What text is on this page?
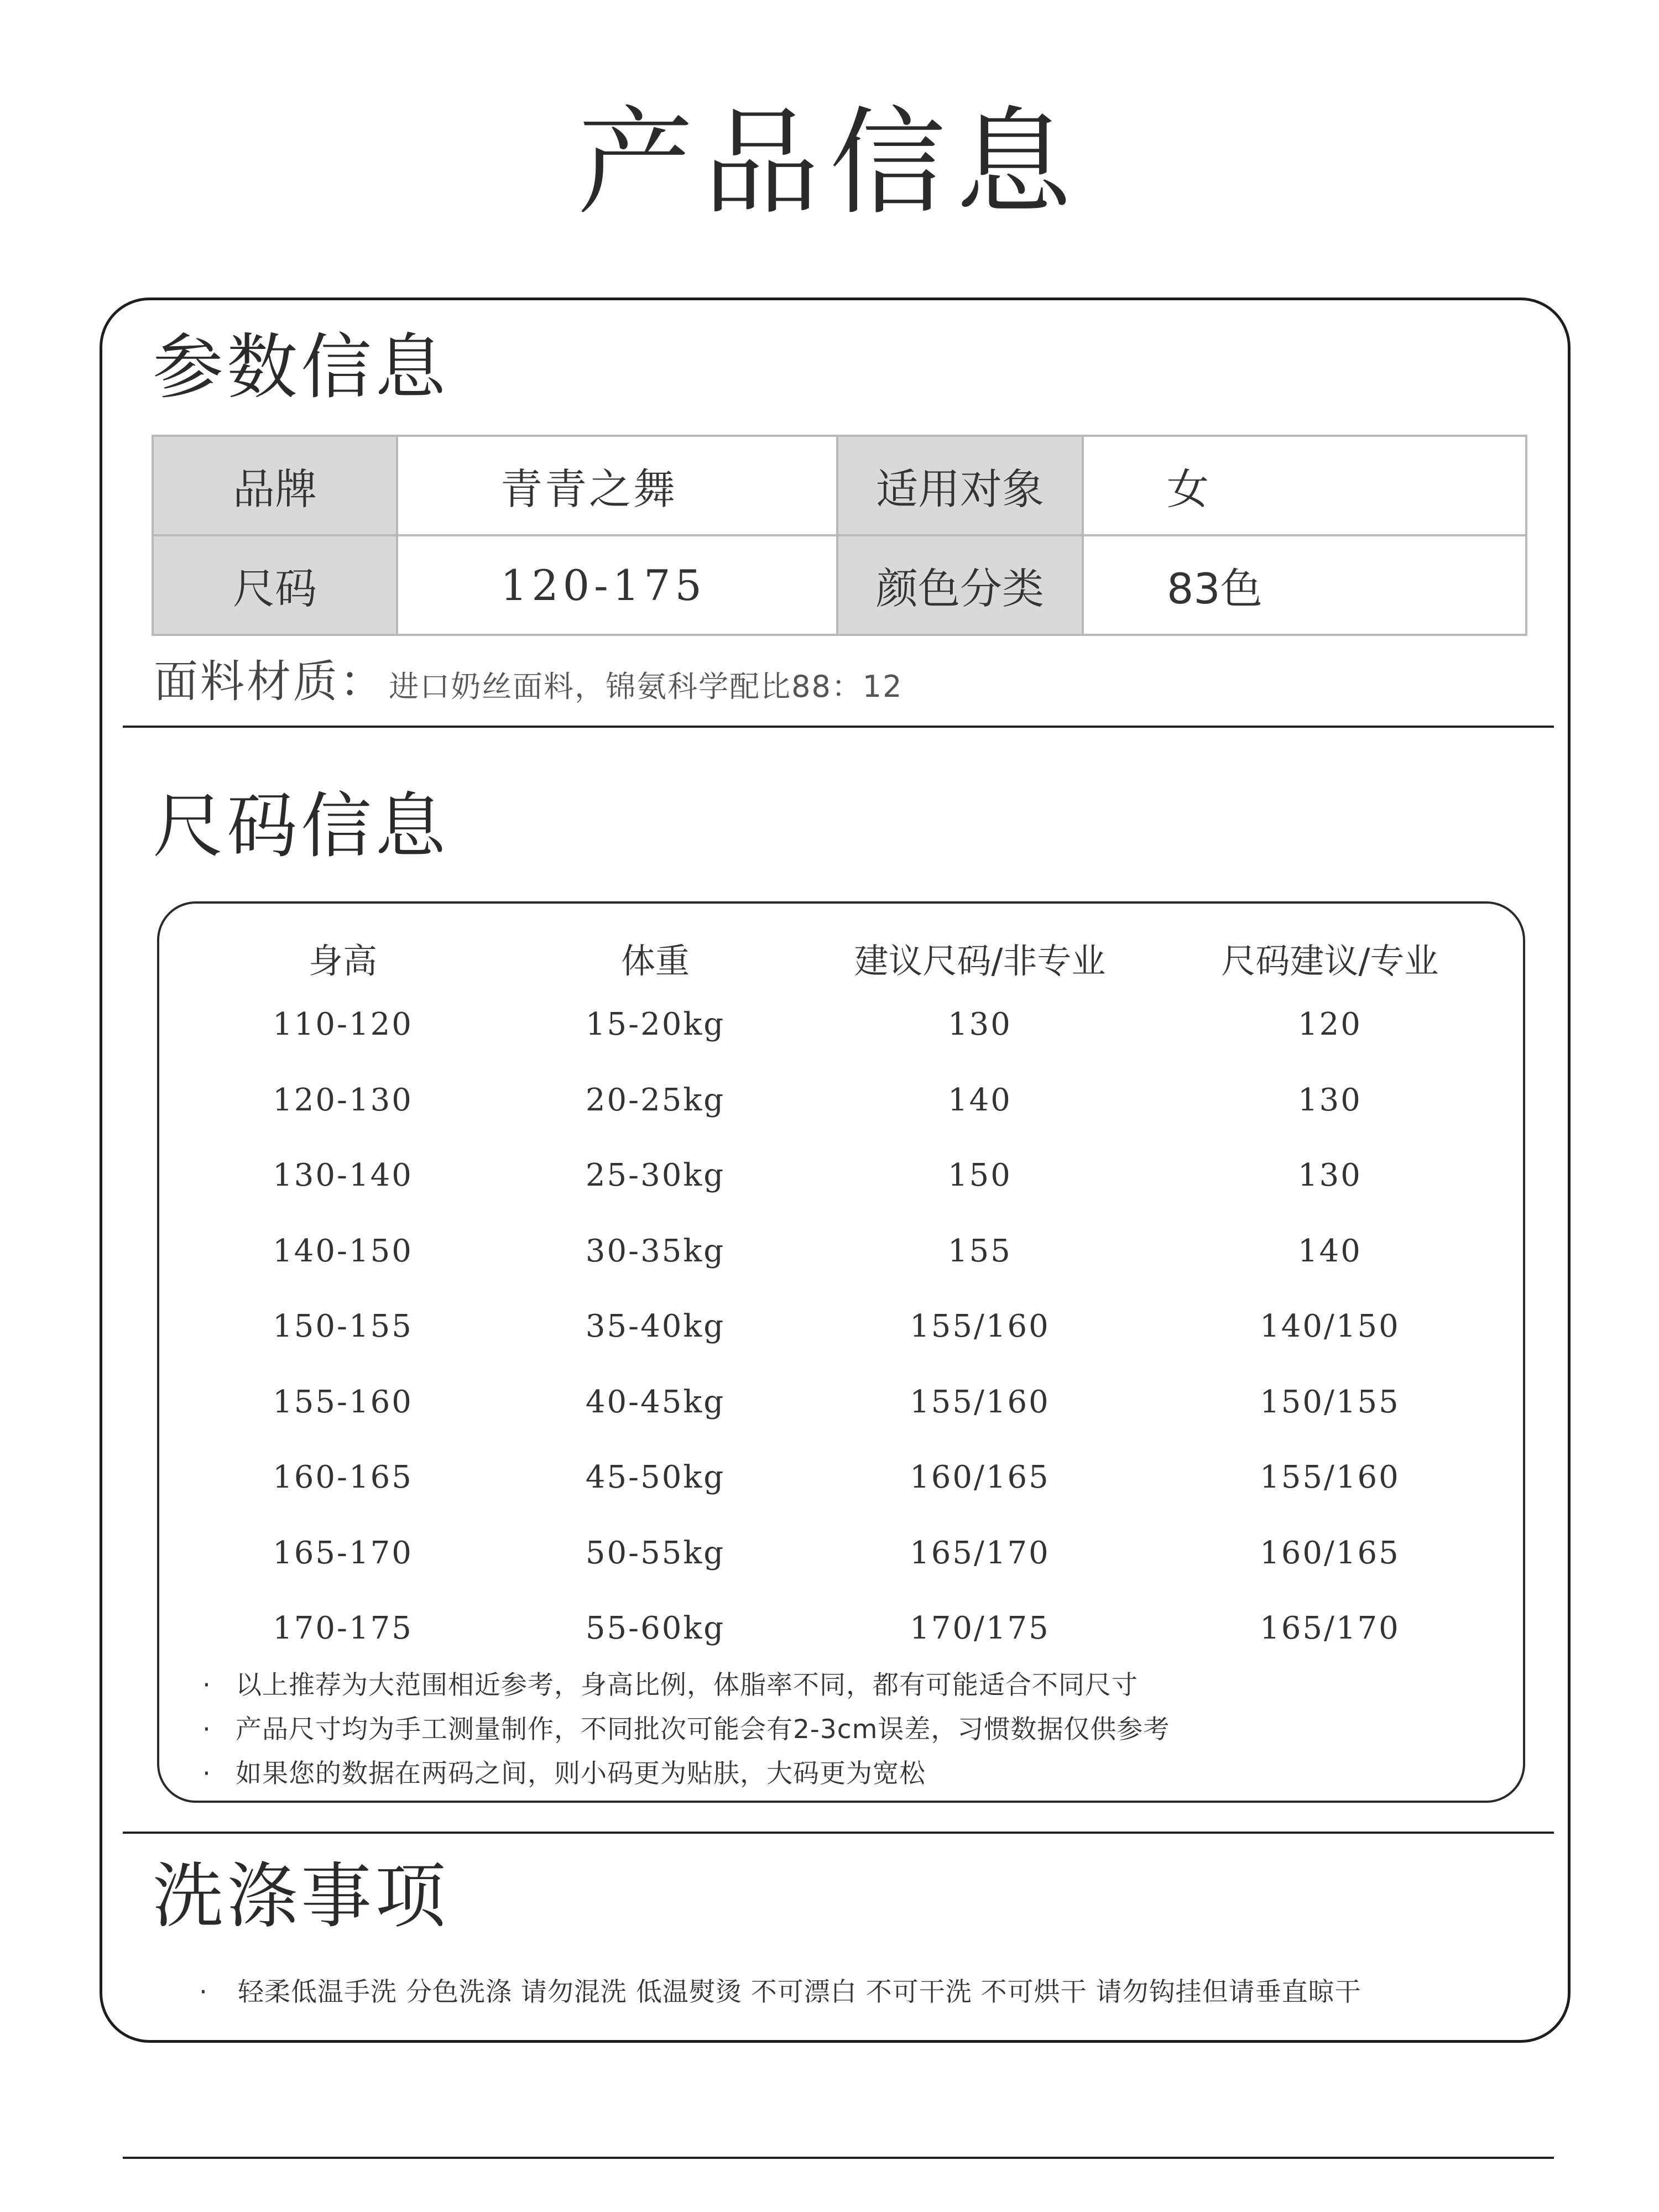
产品信息
参数信息
品牌	青青之舞	适用对象	女
尺码	120-175	颜色分类	83色
面料材质： 进口奶丝面料，锦氨科学配比88：12
尺码信息
身高	体重	建议尺码/非专业	尺码建议/专业
110-120	15-20kg	130	120
120-130	20-25kg	140	130
130-140	25-30kg	150	130
140-150	30-35kg	155	140
150-155	35-40kg	155/160	140/150
155-160	40-45kg	155/160	150/155
160-165	45-50kg	160/165	155/160
165-170	50-55kg	165/170	160/165
170-175	55-60kg	170/175	165/170
· 以上推荐为大范围相近参考，身高比例，体脂率不同，都有可能适合不同尺寸
· 产品尺寸均为手工测量制作，不同批次可能会有2-3cm误差，习惯数据仅供参考
· 如果您的数据在两码之间，则小码更为贴肤，大码更为宽松
洗涤事项
· 轻柔低温手洗 分色洗涤 请勿混洗 低温熨烫 不可漂白 不可干洗 不可烘干 请勿钩挂但请垂直晾干
